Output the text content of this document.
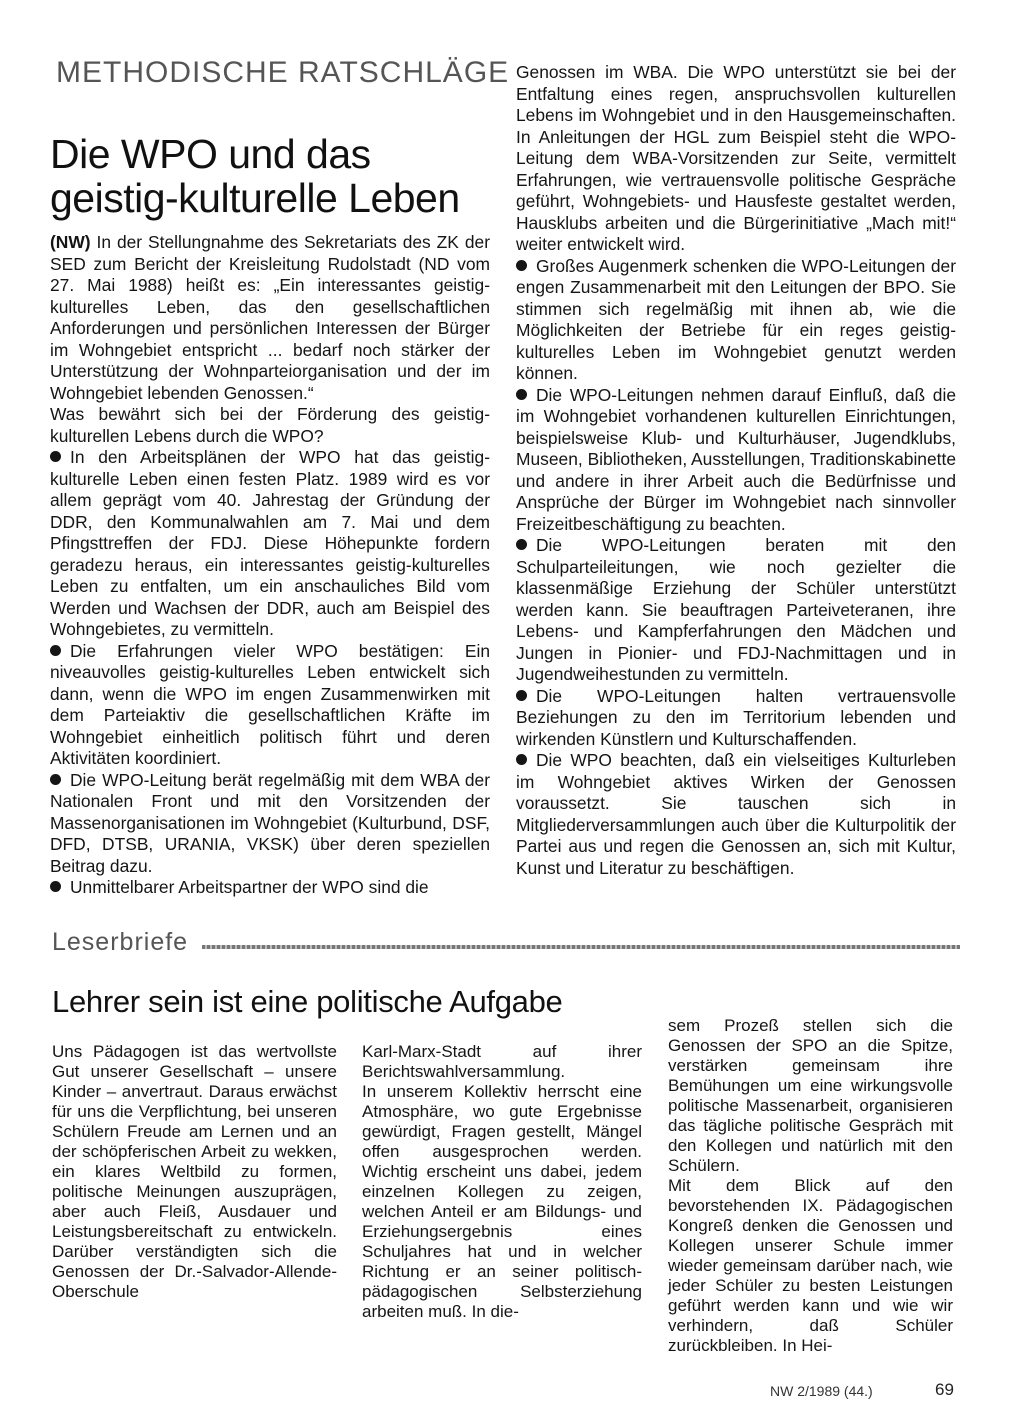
METHODISCHE RATSCHLÄGE
Die WPO und das
geistig-kulturelle Leben

(NW) In der Stellungnahme des Sekretariats des ZK der SED zum Bericht der Kreisleitung Rudolstadt (ND vom 27. Mai 1988) heißt es: „Ein interessantes geistig-kulturelles Leben, das den gesellschaftlichen Anforderungen und persönlichen Interessen der Bürger im Wohngebiet entspricht ... bedarf noch stärker der Unterstützung der Wohnparteiorganisation und der im Wohngebiet lebenden Genossen.“

Was bewährt sich bei der Förderung des geistig-kulturellen Lebens durch die WPO?

In den Arbeitsplänen der WPO hat das geistig-kulturelle Leben einen festen Platz. 1989 wird es vor allem geprägt vom 40. Jahrestag der Gründung der DDR, den Kommunalwahlen am 7. Mai und dem Pfingsttreffen der FDJ. Diese Höhepunkte fordern geradezu heraus, ein interessantes geistig-kulturelles Leben zu entfalten, um ein anschauliches Bild vom Werden und Wachsen der DDR, auch am Beispiel des Wohngebietes, zu vermitteln.

Die Erfahrungen vieler WPO bestätigen: Ein niveauvolles geistig-kulturelles Leben entwickelt sich dann, wenn die WPO im engen Zusammenwirken mit dem Parteiaktiv die gesellschaftlichen Kräfte im Wohngebiet einheitlich politisch führt und deren Aktivitäten koordiniert.

Die WPO-Leitung berät regelmäßig mit dem WBA der Nationalen Front und mit den Vorsitzenden der Massenorganisationen im Wohngebiet (Kulturbund, DSF, DFD, DTSB, URANIA, VKSK) über deren speziellen Beitrag dazu.

Unmittelbarer Arbeitspartner der WPO sind die

Genossen im WBA. Die WPO unterstützt sie bei der Entfaltung eines regen, anspruchsvollen kulturellen Lebens im Wohngebiet und in den Hausgemeinschaften. In Anleitungen der HGL zum Beispiel steht die WPO-Leitung dem WBA-Vorsitzenden zur Seite, vermittelt Erfahrungen, wie vertrauensvolle politische Gespräche geführt, Wohngebiets- und Hausfeste gestaltet werden, Hausklubs arbeiten und die Bürgerinitiative „Mach mit!“ weiter entwickelt wird.

Großes Augenmerk schenken die WPO-Leitungen der engen Zusammenarbeit mit den Leitungen der BPO. Sie stimmen sich regelmäßig mit ihnen ab, wie die Möglichkeiten der Betriebe für ein reges geistig-kulturelles Leben im Wohngebiet genutzt werden können.

Die WPO-Leitungen nehmen darauf Einfluß, daß die im Wohngebiet vorhandenen kulturellen Einrichtungen, beispielsweise Klub- und Kulturhäuser, Jugendklubs, Museen, Bibliotheken, Ausstellungen, Traditionskabinette und andere in ihrer Arbeit auch die Bedürfnisse und Ansprüche der Bürger im Wohngebiet nach sinnvoller Freizeitbeschäftigung zu beachten.

Die WPO-Leitungen beraten mit den Schulparteileitungen, wie noch gezielter die klassenmäßige Erziehung der Schüler unterstützt werden kann. Sie beauftragen Parteiveteranen, ihre Lebens- und Kampferfahrungen den Mädchen und Jungen in Pionier- und FDJ-Nachmittagen und in Jugendweihestunden zu vermitteln.

Die WPO-Leitungen halten vertrauensvolle Beziehungen zu den im Territorium lebenden und wirkenden Künstlern und Kulturschaffenden.

Die WPO beachten, daß ein vielseitiges Kulturleben im Wohngebiet aktives Wirken der Genossen voraussetzt. Sie tauschen sich in Mitgliederversammlungen auch über die Kulturpolitik der Partei aus und regen die Genossen an, sich mit Kultur, Kunst und Literatur zu beschäftigen.

Leserbriefe
Lehrer sein ist eine politische Aufgabe

Uns Pädagogen ist das wertvollste Gut unserer Gesellschaft – unsere Kinder – anvertraut. Daraus erwächst für uns die Verpflichtung, bei unseren Schülern Freude am Lernen und an der schöpferischen Arbeit zu wekken, ein klares Weltbild zu formen, politische Meinungen auszuprägen, aber auch Fleiß, Ausdauer und Leistungsbereitschaft zu entwickeln. Darüber verständigten sich die Genossen der Dr.-Salvador-Allende-Oberschule

Karl-Marx-Stadt auf ihrer Berichtswahlversammlung.

In unserem Kollektiv herrscht eine Atmosphäre, wo gute Ergebnisse gewürdigt, Fragen gestellt, Mängel offen ausgesprochen werden. Wichtig erscheint uns dabei, jedem einzelnen Kollegen zu zeigen, welchen Anteil er am Bildungs- und Erziehungsergebnis eines Schuljahres hat und in welcher Richtung er an seiner politisch-pädagogischen Selbsterziehung arbeiten muß. In die-

sem Prozeß stellen sich die Genossen der SPO an die Spitze, verstärken gemeinsam ihre Bemühungen um eine wirkungsvolle politische Massenarbeit, organisieren das tägliche politische Gespräch mit den Kollegen und natürlich mit den Schülern.

Mit dem Blick auf den bevorstehenden IX. Pädagogischen Kongreß denken die Genossen und Kollegen unserer Schule immer wieder gemeinsam darüber nach, wie jeder Schüler zu besten Leistungen geführt werden kann und wie wir verhindern, daß Schüler zurückbleiben. In Hei-

NW 2/1989 (44.)	69
